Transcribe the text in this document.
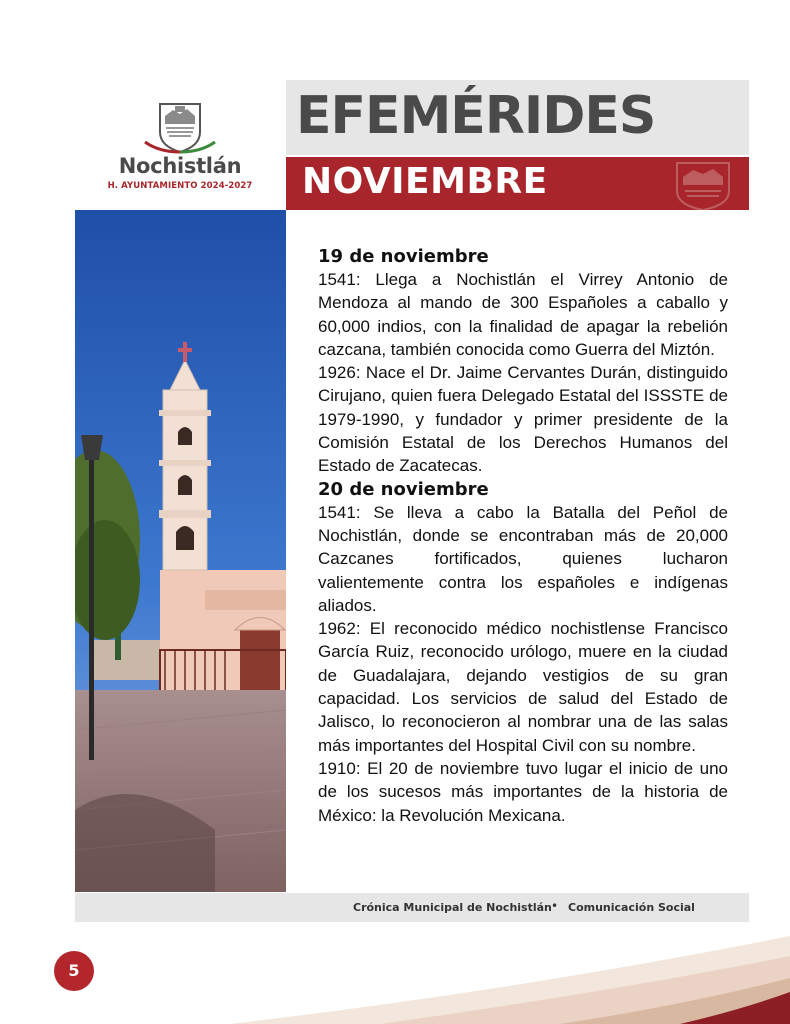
Nochistlán
H. AYUNTAMIENTO 2024-2027
EFEMÉRIDES
NOVIEMBRE
19 de noviembre

1541: Llega a Nochistlán el Virrey Antonio de Mendoza al mando de 300 Españoles a caballo y 60,000 indios, con la finalidad de apagar la rebelión cazcana, también conocida como Guerra del Miztón.

1926: Nace el Dr. Jaime Cervantes Durán, distinguido Cirujano, quien fuera Delegado Estatal del ISSSTE de 1979-1990, y fundador y primer presidente de la Comisión Estatal de los Derechos Humanos del Estado de Zacatecas.

20 de noviembre

1541: Se lleva a cabo la Batalla del Peñol de Nochistlán, donde se encontraban más de 20,000 Cazcanes fortificados, quienes lucharon valientemente contra los españoles e indígenas aliados.

1962: El reconocido médico nochistlense Francisco García Ruiz, reconocido urólogo, muere en la ciudad de Guadalajara, dejando vestigios de su gran capacidad. Los servicios de salud del Estado de Jalisco, lo reconocieron al nombrar una de las salas más importantes del Hospital Civil con su nombre.

1910: El 20 de noviembre tuvo lugar el inicio de uno de los sucesos más importantes de la historia de México: la Revolución Mexicana.

Crónica Municipal de Nochistlán • Comunicación Social
5
